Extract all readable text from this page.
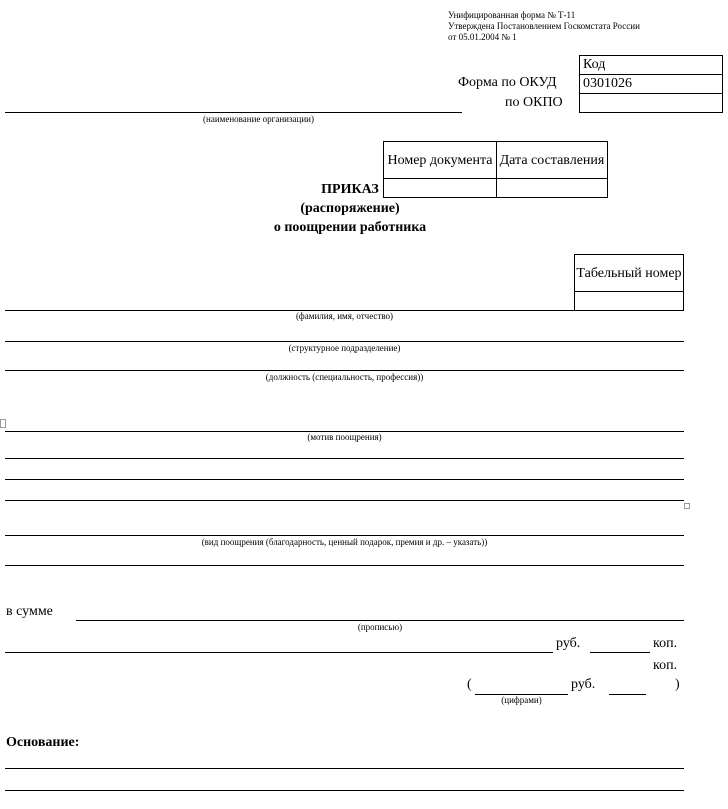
Унифицированная форма № Т-11
Утверждена Постановлением Госкомстата России
от 05.01.2004 № 1
Форма по ОКУД
по ОКПО
Код
0301026

(наименование организации)
Номер документа	Дата составления

ПРИКАЗ
(распоряжение)
о поощрении работника
Табельный номер

(фамилия, имя, отчество)
(структурное подразделение)
(должность (специальность, профессия))
(мотив поощрения)
(вид поощрения (благодарность, ценный подарок, премия и др. – указать))
в сумме
(прописью)
руб.	коп.
коп.
(	руб.	)
(цифрами)
Основание:
